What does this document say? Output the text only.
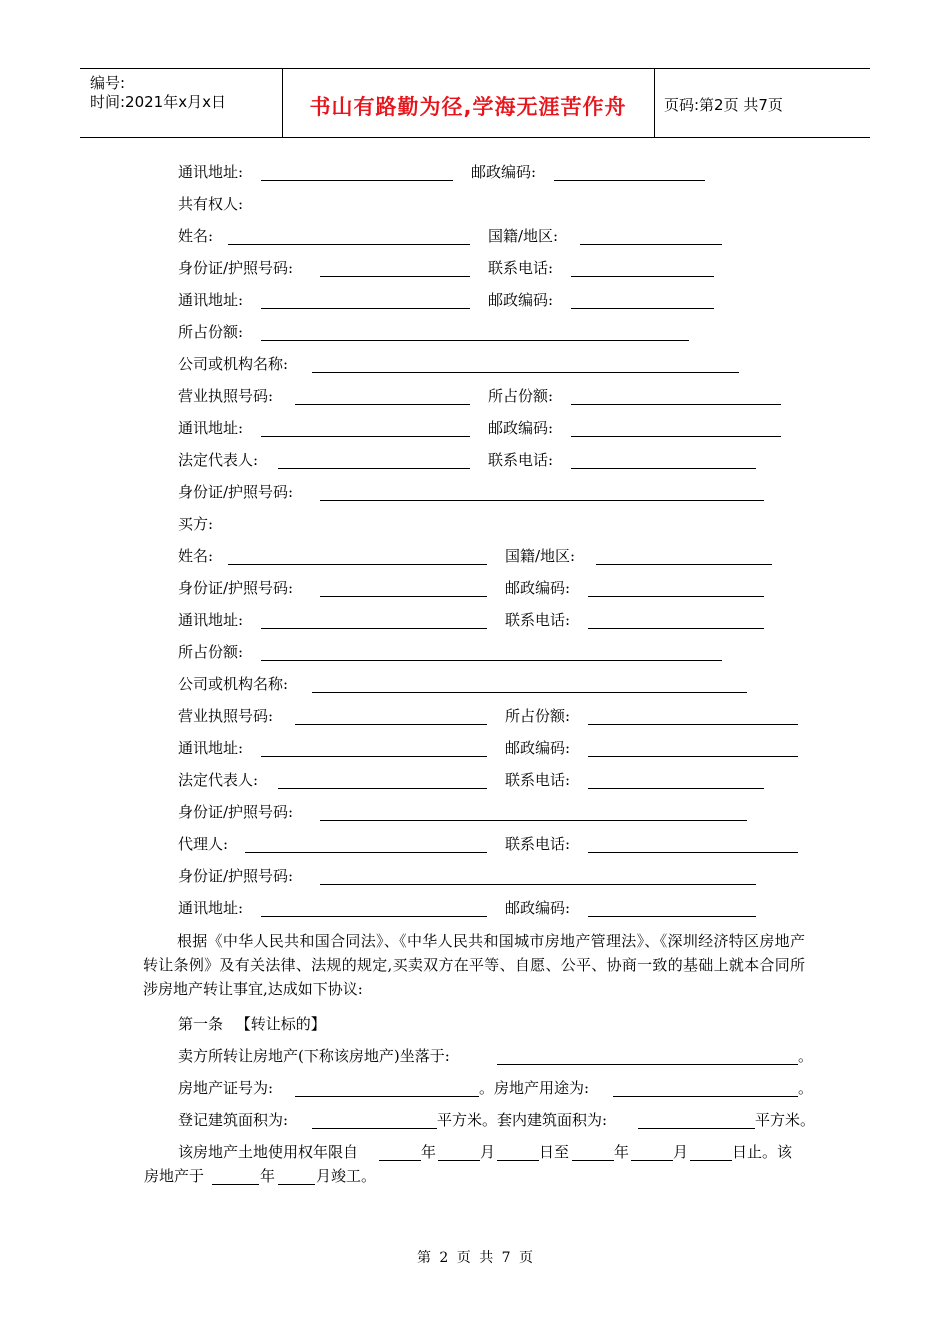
编号:
时间:2021年x月x日	书山有路勤为径,学海无涯苦作舟	页码:第2页 共7页
通讯地址:	邮政编码:
共有权人:
姓名:	国籍/地区:
身份证/护照号码:	联系电话:
通讯地址:	邮政编码:
所占份额:
公司或机构名称:
营业执照号码:	所占份额:
通讯地址:	邮政编码:
法定代表人:	联系电话:
身份证/护照号码:
买方:
姓名:	国籍/地区:
身份证/护照号码:	邮政编码:
通讯地址:	联系电话:
所占份额:
公司或机构名称:
营业执照号码:	所占份额:
通讯地址:	邮政编码:
法定代表人:	联系电话:
身份证/护照号码:
代理人:	联系电话:
身份证/护照号码:
通讯地址:	邮政编码:

根据《中华人民共和国合同法》、《中华人民共和国城市房地产管理法》、《深圳经济特区房地产转让条例》及有关法律、法规的规定,买卖双方在平等、自愿、公平、协商一致的基础上就本合同所涉房地产转让事宜,达成如下协议:

第一条 【转让标的】
卖方所转让房地产(下称该房地产)坐落于:	。
房地产证号为:	。房地产用途为:	。
登记建筑面积为:	平方米。套内建筑面积为:	平方米。
该房地产土地使用权年限自	年	月	日至	年	月	日止。该
房地产于	年	月竣工。
第 2 页 共 7 页
